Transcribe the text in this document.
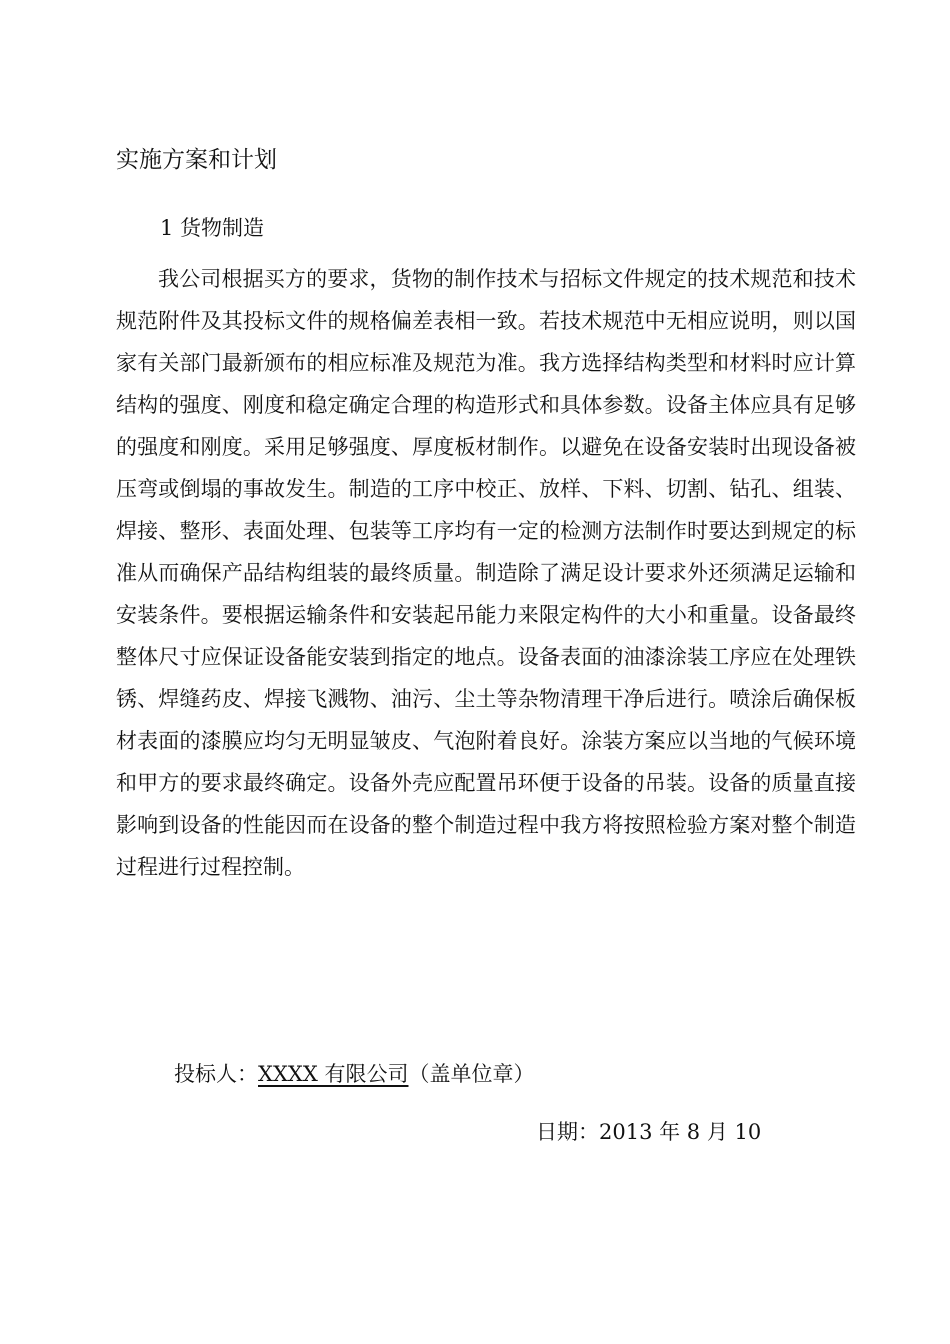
实施方案和计划
1 货物制造
我公司根据买方的要求，货物的制作技术与招标文件规定的技术规范和技术规范附件及其投标文件的规格偏差表相一致。若技术规范中无相应说明，则以国家有关部门最新颁布的相应标准及规范为准。我方选择结构类型和材料时应计算结构的强度、刚度和稳定确定合理的构造形式和具体参数。设备主体应具有足够的强度和刚度。采用足够强度、厚度板材制作。以避免在设备安装时出现设备被压弯或倒塌的事故发生。制造的工序中校正、放样、下料、切割、钻孔、组装、焊接、整形、表面处理、包装等工序均有一定的检测方法制作时要达到规定的标准从而确保产品结构组装的最终质量。制造除了满足设计要求外还须满足运输和安装条件。要根据运输条件和安装起吊能力来限定构件的大小和重量。设备最终整体尺寸应保证设备能安装到指定的地点。设备表面的油漆涂装工序应在处理铁锈、焊缝药皮、焊接飞溅物、油污、尘土等杂物清理干净后进行。喷涂后确保板材表面的漆膜应均匀无明显皱皮、气泡附着良好。涂装方案应以当地的气候环境和甲方的要求最终确定。设备外壳应配置吊环便于设备的吊装。设备的质量直接影响到设备的性能因而在设备的整个制造过程中我方将按照检验方案对整个制造过程进行过程控制。
投标人：XXXX 有限公司（盖单位章）
日期：2013 年 8 月 10
